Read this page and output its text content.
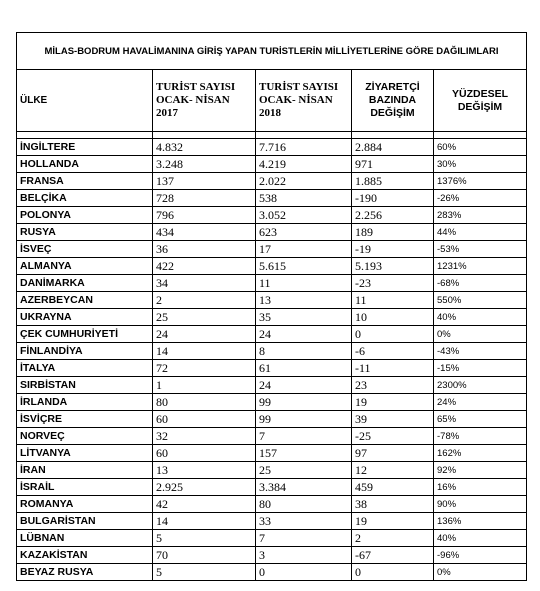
MİLAS-BODRUM HAVALİMANINA GİRİŞ YAPAN TURİSTLERİN MİLLİYETLERİNE GÖRE DAĞILIMLARI				
ÜLKE	TURİST SAYISI OCAK- NİSAN 2017	TURİST SAYISI OCAK- NİSAN 2018	ZİYARETÇİ BAZINDA DEĞİŞİM	YÜZDESEL DEĞİŞİM

İNGİLTERE	4.832	7.716	2.884	60%
HOLLANDA	3.248	4.219	971	30%
FRANSA	137	2.022	1.885	1376%
BELÇİKA	728	538	-190	-26%
POLONYA	796	3.052	2.256	283%
RUSYA	434	623	189	44%
İSVEÇ	36	17	-19	-53%
ALMANYA	422	5.615	5.193	1231%
DANİMARKA	34	11	-23	-68%
AZERBEYCAN	2	13	11	550%
UKRAYNA	25	35	10	40%
ÇEK CUMHURİYETİ	24	24	0	0%
FİNLANDİYA	14	8	-6	-43%
İTALYA	72	61	-11	-15%
SIRBİSTAN	1	24	23	2300%
İRLANDA	80	99	19	24%
İSVİÇRE	60	99	39	65%
NORVEÇ	32	7	-25	-78%
LİTVANYA	60	157	97	162%
İRAN	13	25	12	92%
İSRAİL	2.925	3.384	459	16%
ROMANYA	42	80	38	90%
BULGARİSTAN	14	33	19	136%
LÜBNAN	5	7	2	40%
KAZAKİSTAN	70	3	-67	-96%
BEYAZ RUSYA	5	0	0	0%
